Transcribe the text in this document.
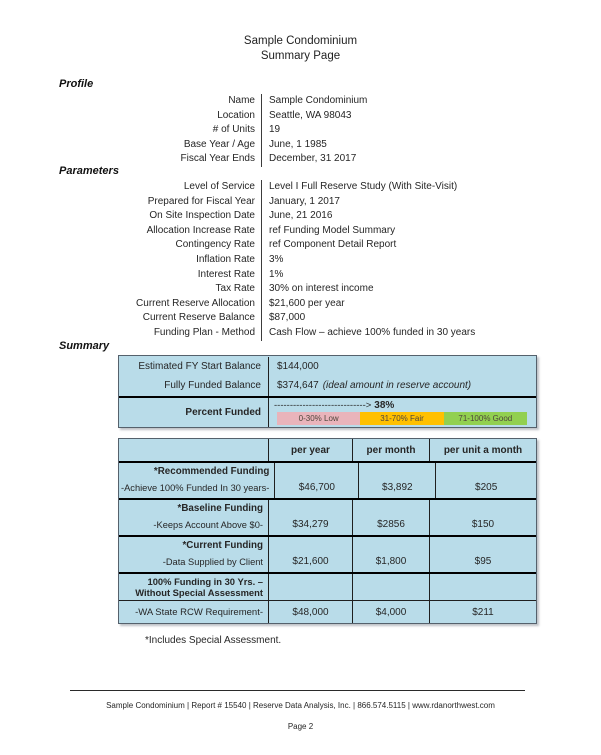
Sample Condominium
Summary Page
Profile
Name	Sample Condominium
Location	Seattle, WA 98043
# of Units	19
Base Year / Age	June, 1 1985
Fiscal Year Ends	December, 31 2017
Parameters
Level of Service	Level I Full Reserve Study (With Site-Visit)
Prepared for Fiscal Year	January, 1 2017
On Site Inspection Date	June, 21 2016
Allocation Increase Rate	ref Funding Model Summary
Contingency Rate	ref Component Detail Report
Inflation Rate	3%
Interest Rate	1%
Tax Rate	30% on interest income
Current Reserve Allocation	$21,600 per year
Current Reserve Balance	$87,000
Funding Plan - Method	Cash Flow – achieve 100% funded in 30 years
Summary
Estimated FY Start Balance	$144,000
Fully Funded Balance	$374,647 (ideal amount in reserve account)
Percent Funded
-----------------------------> 38%
0-30% Low	31-70% Fair	71-100% Good
per year	per month	per unit a month
*Recommended Funding
-Achieve 100% Funded In 30 years-	$46,700	$3,892	$205
*Baseline Funding
-Keeps Account Above $0-	$34,279	$2856	$150
*Current Funding
-Data Supplied by Client	$21,600	$1,800	$95
100% Funding in 30 Yrs. – Without Special Assessment
-WA State RCW Requirement-	$48,000	$4,000	$211
*Includes Special Assessment.
Sample Condominium | Report # 15540 | Reserve Data Analysis, Inc. | 866.574.5115 | www.rdanorthwest.com
Page 2
